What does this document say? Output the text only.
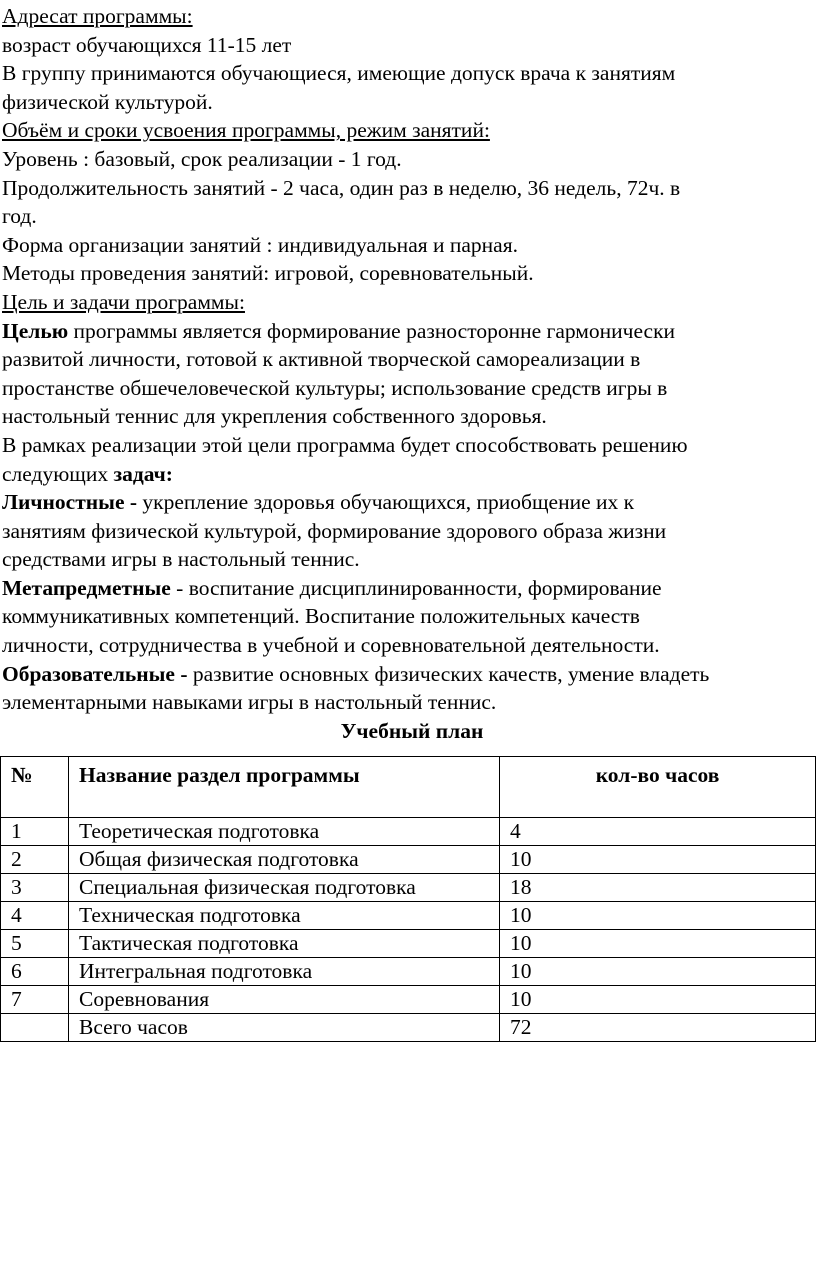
Адресат программы:

возраст обучающихся 11-15 лет

В группу принимаются обучающиеся, имеющие допуск врача к занятиям

физической культурой.

Объём и сроки усвоения программы, режим занятий:

Уровень : базовый, срок реализации - 1 год.

Продолжительность занятий - 2 часа, один раз в неделю, 36 недель, 72ч. в

год.

Форма организации занятий : индивидуальная и парная.

Методы проведения занятий: игровой, соревновательный.

Цель и задачи программы:

Целью программы является формирование разносторонне гармонически

развитой личности, готовой к активной творческой самореализации в

простанстве обшечеловеческой культуры; использование средств игры в

настольный теннис для укрепления собственного здоровья.

В рамках реализации этой цели программа будет способствовать решению

следующих задач:

Личностные - укрепление здоровья обучающихся, приобщение их к

занятиям физической культурой, формирование здорового образа жизни

средствами игры в настольный теннис.

Метапредметные - воспитание дисциплинированности, формирование

коммуникативных компетенций. Воспитание положительных качеств

личности, сотрудничества в учебной и соревновательной деятельности.

Образовательные - развитие основных физических качеств, умение владеть

элементарными навыками игры в настольный теннис.

Учебный план

№	Название раздел программы	кол-во часов
1	Теоретическая подготовка	4
2	Общая физическая подготовка	10
3	Специальная физическая подготовка	18
4	Техническая подготовка	10
5	Тактическая подготовка	10
6	Интегральная подготовка	10
7	Соревнования	10
	Всего часов	72
